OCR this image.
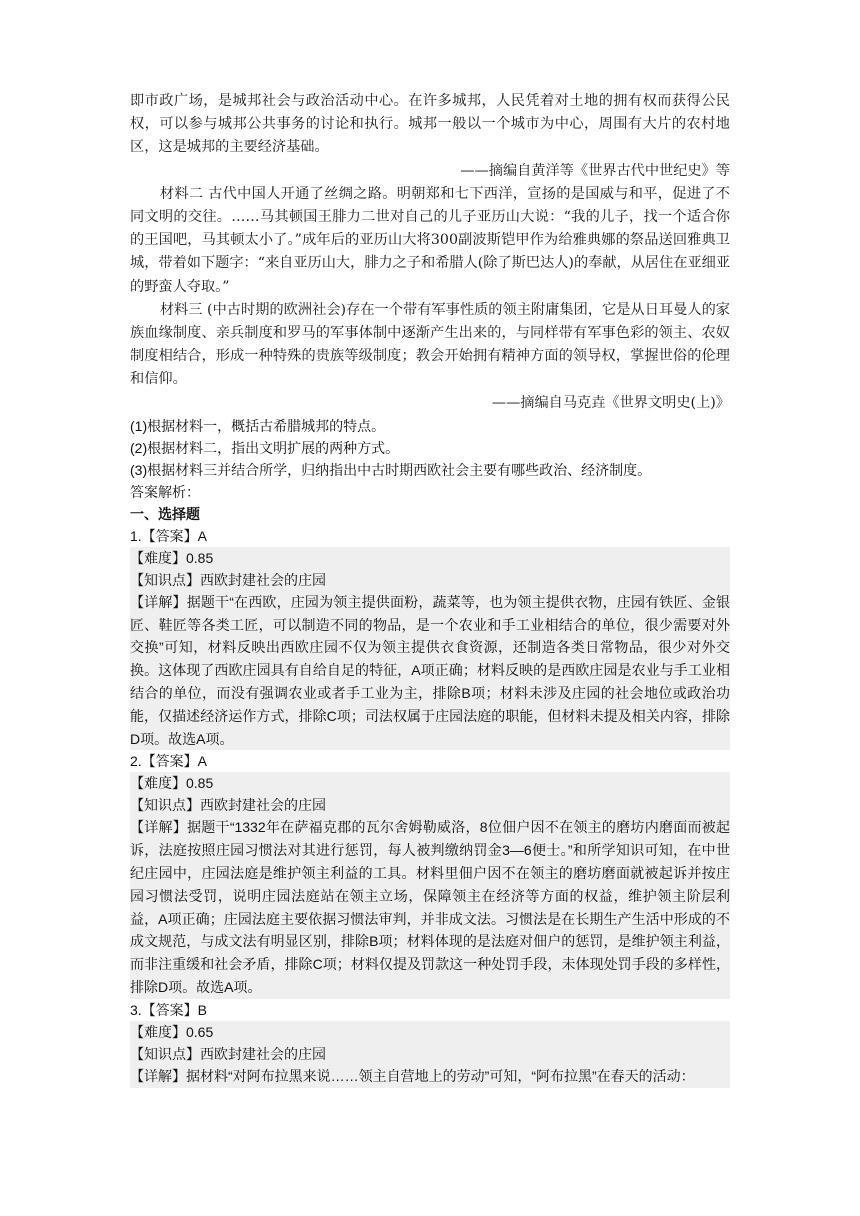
即市政广场，是城邦社会与政治活动中心。在许多城邦，人民凭着对土地的拥有权而获得公民权，可以参与城邦公共事务的讨论和执行。城邦一般以一个城市为中心，周围有大片的农村地区，这是城邦的主要经济基础。

——摘编自黄洋等《世界古代中世纪史》等

材料二 古代中国人开通了丝绸之路。明朝郑和七下西洋，宣扬的是国威与和平，促进了不同文明的交往。……马其顿国王腓力二世对自己的儿子亚历山大说：“我的儿子，找一个适合你的王国吧，马其顿太小了。”成年后的亚历山大将300副波斯铠甲作为给雅典娜的祭品送回雅典卫城，带着如下题字：“来自亚历山大，腓力之子和希腊人(除了斯巴达人)的奉献，从居住在亚细亚的野蛮人夺取。”

材料三 (中古时期的欧洲社会)存在一个带有军事性质的领主附庸集团，它是从日耳曼人的家族血缘制度、亲兵制度和罗马的军事体制中逐渐产生出来的，与同样带有军事色彩的领主、农奴制度相结合，形成一种特殊的贵族等级制度；教会开始拥有精神方面的领导权，掌握世俗的伦理和信仰。

——摘编自马克垚《世界文明史(上)》

(1)根据材料一，概括古希腊城邦的特点。

(2)根据材料二，指出文明扩展的两种方式。

(3)根据材料三并结合所学，归纳指出中古时期西欧社会主要有哪些政治、经济制度。

答案解析：

一、选择题

1.【答案】A

【难度】0.85

【知识点】西欧封建社会的庄园

【详解】据题干“在西欧，庄园为领主提供面粉，蔬菜等，也为领主提供衣物，庄园有铁匠、金银匠、鞋匠等各类工匠，可以制造不同的物品，是一个农业和手工业相结合的单位，很少需要对外交换”可知，材料反映出西欧庄园不仅为领主提供衣食资源，还制造各类日常物品，很少对外交换。这体现了西欧庄园具有自给自足的特征，A项正确；材料反映的是西欧庄园是农业与手工业相结合的单位，而没有强调农业或者手工业为主，排除B项；材料未涉及庄园的社会地位或政治功能，仅描述经济运作方式，排除C项；司法权属于庄园法庭的职能，但材料未提及相关内容，排除D项。故选A项。

2.【答案】A

【难度】0.85

【知识点】西欧封建社会的庄园

【详解】据题干“1332年在萨福克郡的瓦尔舍姆勒威洛，8位佃户因不在领主的磨坊内磨面而被起诉，法庭按照庄园习惯法对其进行惩罚，每人被判缴纳罚金3—6便士。”和所学知识可知，在中世纪庄园中，庄园法庭是维护领主利益的工具。材料里佃户因不在领主的磨坊磨面就被起诉并按庄园习惯法受罚，说明庄园法庭站在领主立场，保障领主在经济等方面的权益，维护领主阶层利益，A项正确；庄园法庭主要依据习惯法审判，并非成文法。习惯法是在长期生产生活中形成的不成文规范，与成文法有明显区别，排除B项；材料体现的是法庭对佃户的惩罚，是维护领主利益，而非注重缓和社会矛盾，排除C项；材料仅提及罚款这一种处罚手段，未体现处罚手段的多样性，排除D项。故选A项。

3.【答案】B

【难度】0.65

【知识点】西欧封建社会的庄园

【详解】据材料“对阿布拉黑来说……领主自营地上的劳动”可知，“阿布拉黑”在春天的活动：
